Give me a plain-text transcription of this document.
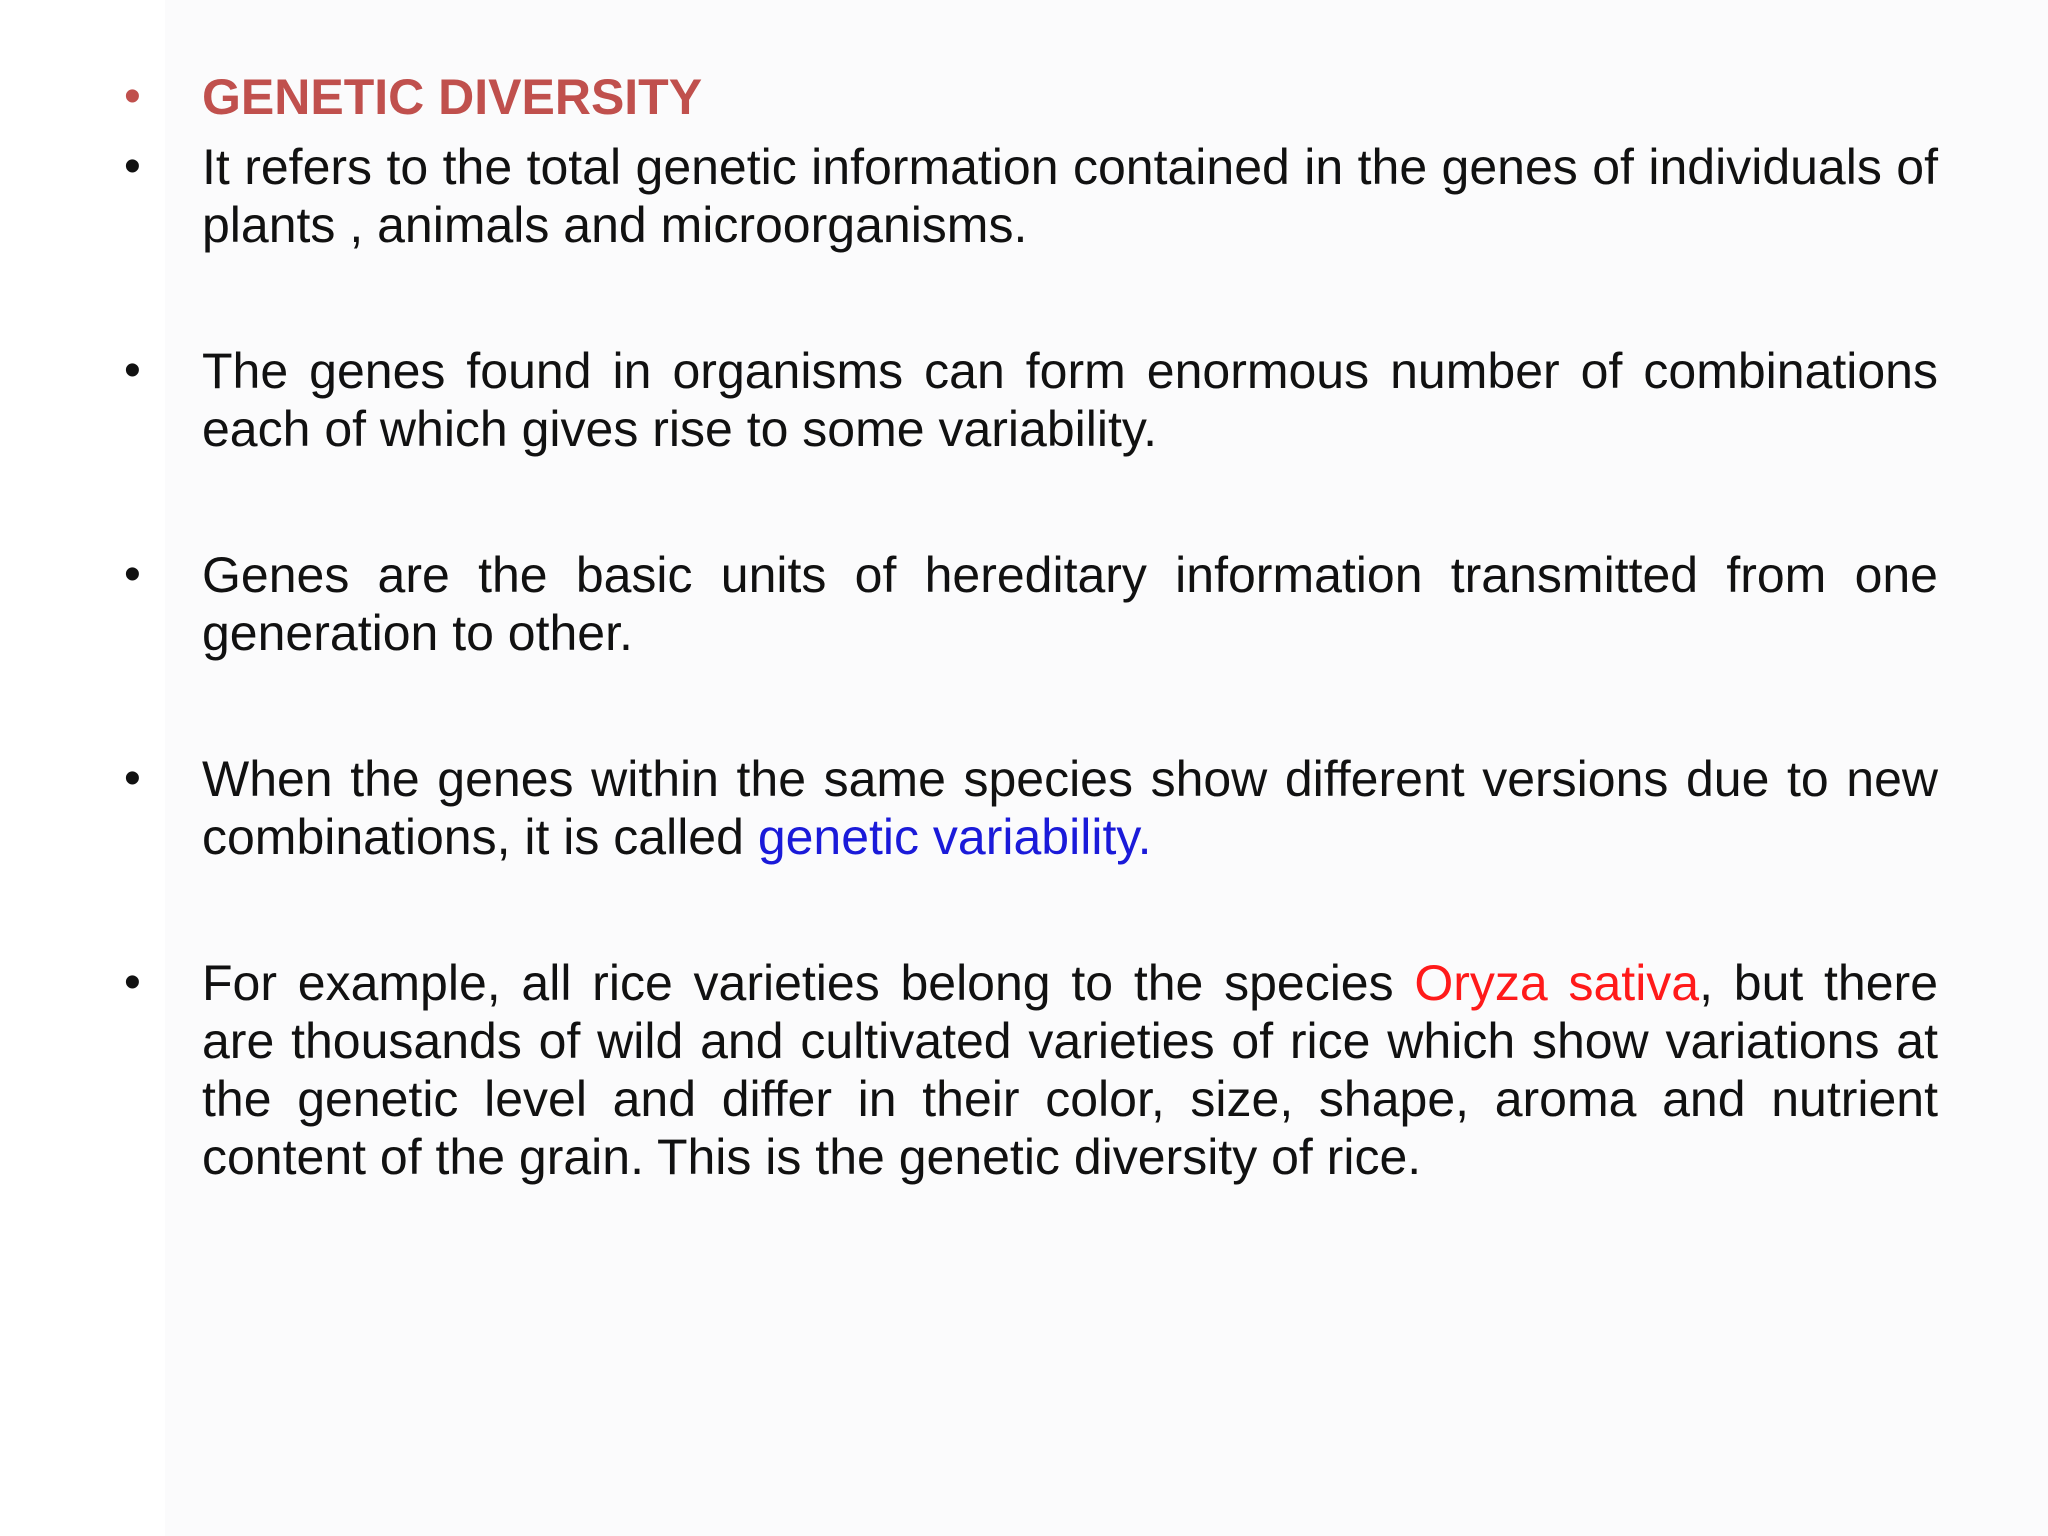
• GENETIC DIVERSITY
• It refers to the total genetic information contained in the genes of individuals of plants , animals and microorganisms.
• The genes found in organisms can form enormous number of combinations each of which gives rise to some variability.
• Genes are the basic units of hereditary information transmitted from one generation to other.
• When the genes within the same species show different versions due to new combinations, it is called genetic variability.
• For example, all rice varieties belong to the species Oryza sativa, but there are thousands of wild and cultivated varieties of rice which show variations at the genetic level and differ in their color, size, shape, aroma and nutrient content of the grain. This is the genetic diversity of rice.
